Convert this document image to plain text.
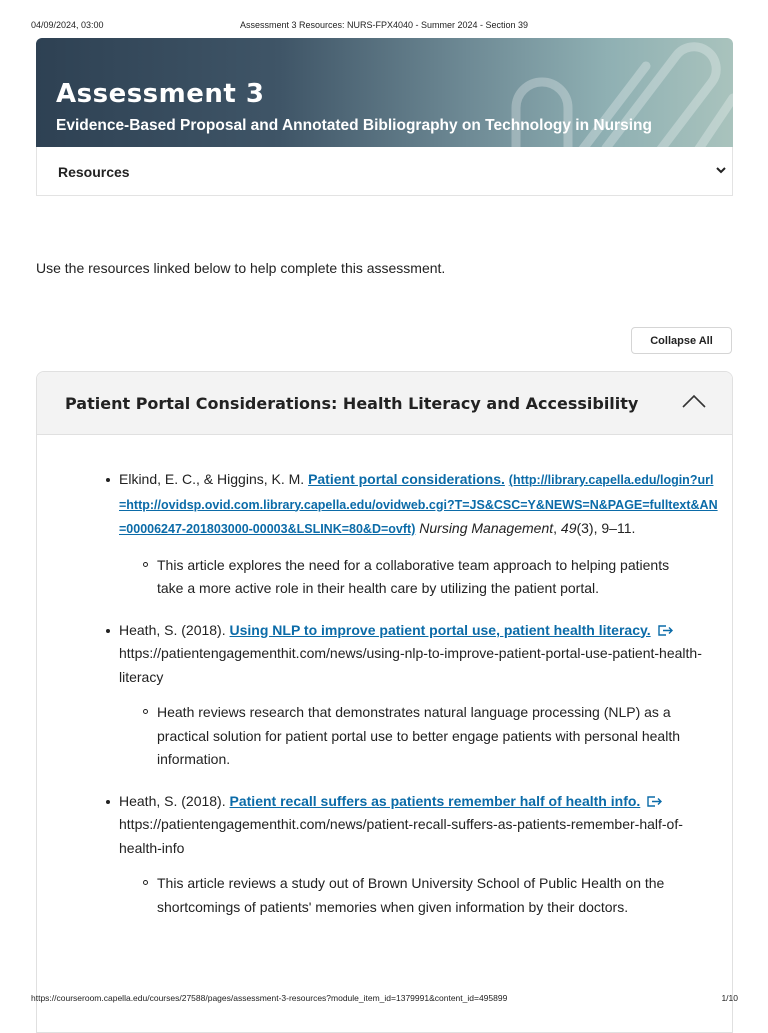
04/09/2024, 03:00	Assessment 3 Resources: NURS-FPX4040 - Summer 2024 - Section 39
Assessment 3
Evidence-Based Proposal and Annotated Bibliography on Technology in Nursing
Resources
Use the resources linked below to help complete this assessment.
Collapse All
Patient Portal Considerations: Health Literacy and Accessibility
Elkind, E. C., & Higgins, K. M. Patient portal considerations. (http://library.capella.edu/login?url=http://ovidsp.ovid.com.library.capella.edu/ovidweb.cgi?T=JS&CSC=Y&NEWS=N&PAGE=fulltext&AN=00006247-201803000-00003&LSLINK=80&D=ovft) Nursing Management, 49(3), 9–11.
This article explores the need for a collaborative team approach to helping patients take a more active role in their health care by utilizing the patient portal.
Heath, S. (2018). Using NLP to improve patient portal use, patient health literacy.  https://patientengagementhit.com/news/using-nlp-to-improve-patient-portal-use-patient-health-literacy
Heath reviews research that demonstrates natural language processing (NLP) as a practical solution for patient portal use to better engage patients with personal health information.
Heath, S. (2018). Patient recall suffers as patients remember half of health info.  https://patientengagementhit.com/news/patient-recall-suffers-as-patients-remember-half-of-health-info
This article reviews a study out of Brown University School of Public Health on the shortcomings of patients' memories when given information by their doctors.
https://courseroom.capella.edu/courses/27588/pages/assessment-3-resources?module_item_id=1379991&content_id=495899	1/10
